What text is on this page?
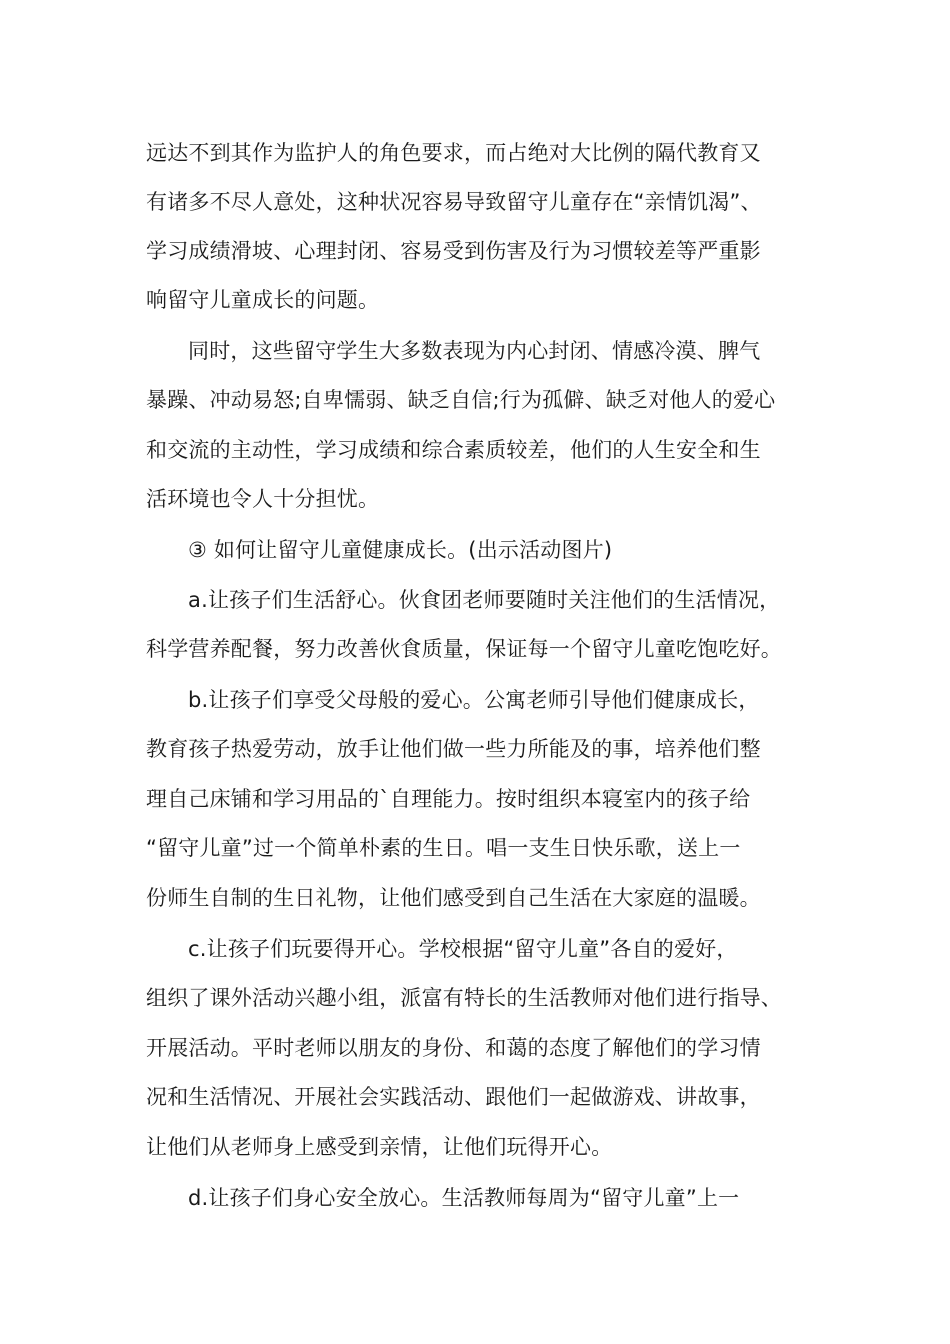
远达不到其作为监护人的角色要求，而占绝对大比例的隔代教育又
有诸多不尽人意处，这种状况容易导致留守儿童存在“亲情饥渴”、
学习成绩滑坡、心理封闭、容易受到伤害及行为习惯较差等严重影
响留守儿童成长的问题。
同时，这些留守学生大多数表现为内心封闭、情感冷漠、脾气
暴躁、冲动易怒;自卑懦弱、缺乏自信;行为孤僻、缺乏对他人的爱心
和交流的主动性，学习成绩和综合素质较差，他们的人生安全和生
活环境也令人十分担忧。
③ 如何让留守儿童健康成长。(出示活动图片)
a.让孩子们生活舒心。伙食团老师要随时关注他们的生活情况，
科学营养配餐，努力改善伙食质量，保证每一个留守儿童吃饱吃好。
b.让孩子们享受父母般的爱心。公寓老师引导他们健康成长，
教育孩子热爱劳动，放手让他们做一些力所能及的事，培养他们整
理自己床铺和学习用品的`自理能力。按时组织本寝室内的孩子给
“留守儿童”过一个简单朴素的生日。唱一支生日快乐歌，送上一
份师生自制的生日礼物，让他们感受到自己生活在大家庭的温暖。
c.让孩子们玩要得开心。学校根据“留守儿童”各自的爱好，
组织了课外活动兴趣小组，派富有特长的生活教师对他们进行指导、
开展活动。平时老师以朋友的身份、和蔼的态度了解他们的学习情
况和生活情况、开展社会实践活动、跟他们一起做游戏、讲故事，
让他们从老师身上感受到亲情，让他们玩得开心。
d.让孩子们身心安全放心。生活教师每周为“留守儿童”上一
